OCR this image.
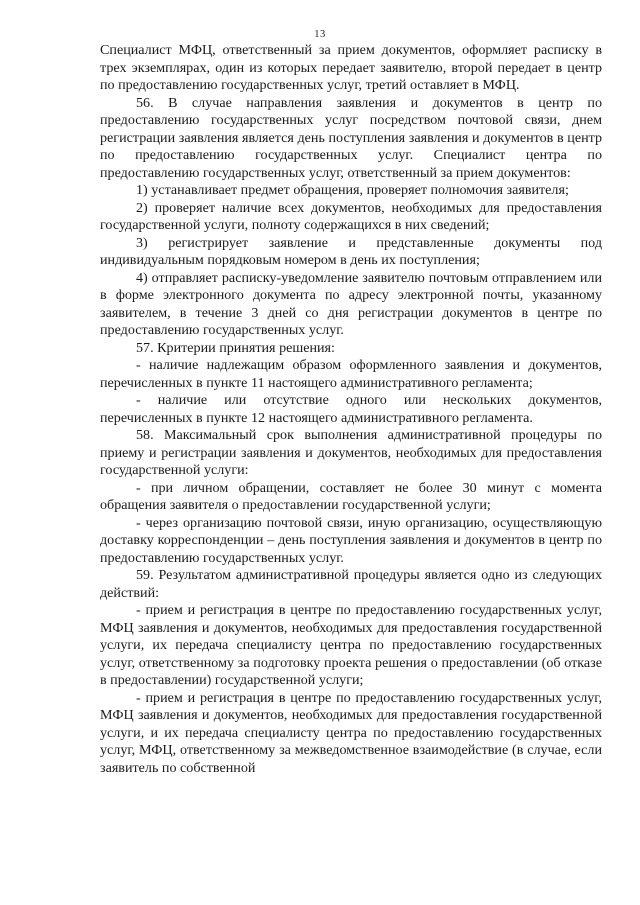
13

Специалист МФЦ, ответственный за прием документов, оформляет расписку в трех экземплярах, один из которых передает заявителю, второй передает в центр по предоставлению государственных услуг, третий оставляет в МФЦ.

56. В случае направления заявления и документов в центр по предоставлению государственных услуг посредством почтовой связи, днем регистрации заявления является день поступления заявления и документов в центр по предоставлению государственных услуг. Специалист центра по предоставлению государственных услуг, ответственный за прием документов:

1) устанавливает предмет обращения, проверяет полномочия заявителя;

2) проверяет наличие всех документов, необходимых для предоставления государственной услуги, полноту содержащихся в них сведений;

3) регистрирует заявление и представленные документы под индивидуальным порядковым номером в день их поступления;

4) отправляет расписку-уведомление заявителю почтовым отправлением или в форме электронного документа по адресу электронной почты, указанному заявителем, в течение 3 дней со дня регистрации документов в центре по предоставлению государственных услуг.

57. Критерии принятия решения:

- наличие надлежащим образом оформленного заявления и документов, перечисленных в пункте 11 настоящего административного регламента;

- наличие или отсутствие одного или нескольких документов, перечисленных в пункте 12 настоящего административного регламента.

58. Максимальный срок выполнения административной процедуры по приему и регистрации заявления и документов, необходимых для предоставления государственной услуги:

- при личном обращении, составляет не более 30 минут с момента обращения заявителя о предоставлении государственной услуги;

- через организацию почтовой связи, иную организацию, осуществляющую доставку корреспонденции – день поступления заявления и документов в центр по предоставлению государственных услуг.

59. Результатом административной процедуры является одно из следующих действий:

- прием и регистрация в центре по предоставлению государственных услуг, МФЦ заявления и документов, необходимых для предоставления государственной услуги, их передача специалисту центра по предоставлению государственных услуг, ответственному за подготовку проекта решения о предоставлении (об отказе в предоставлении) государственной услуги;

- прием и регистрация в центре по предоставлению государственных услуг, МФЦ заявления и документов, необходимых для предоставления государственной услуги, и их передача специалисту центра по предоставлению государственных услуг, МФЦ, ответственному за межведомственное взаимодействие (в случае, если заявитель по собственной
